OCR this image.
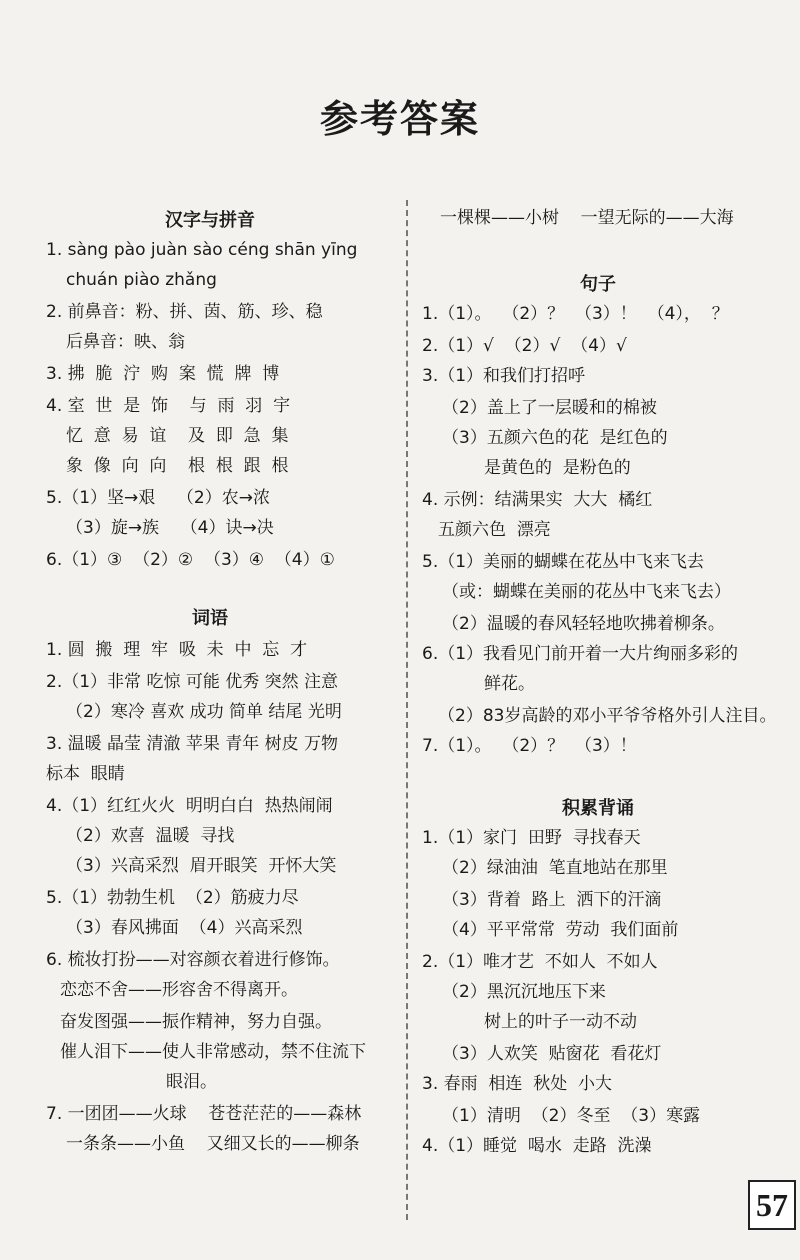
参考答案
汉字与拼音
1. sàng pào juàn sào céng shān yīng
chuán piào zhǎng
2. 前鼻音：粉、拼、茵、筋、珍、稳
后鼻音：映、翁
3. 拂  脆  泞  购  案  慌  牌  博
4. 室  世  是  饰    与  雨  羽  宇
忆  意  易  谊    及  即  急  集
象  像  向  向    根  根  跟  根
5.（1）坚→艰    （2）农→浓
（3）旋→族    （4）诀→决
6.（1）③  （2）②  （3）④  （4）①
词语
1. 圆  搬  理  牢  吸  未  中  忘  才
2.（1）非常 吃惊 可能 优秀 突然 注意
（2）寒冷 喜欢 成功 简单 结尾 光明
3. 温暖 晶莹 清澈 苹果 青年 树皮 万物
标本  眼睛
4.（1）红红火火  明明白白  热热闹闹
（2）欢喜  温暖  寻找
（3）兴高采烈  眉开眼笑  开怀大笑
5.（1）勃勃生机  （2）筋疲力尽
（3）春风拂面  （4）兴高采烈
6. 梳妆打扮——对容颜衣着进行修饰。
恋恋不舍——形容舍不得离开。
奋发图强——振作精神，努力自强。
催人泪下——使人非常感动，禁不住流下
眼泪。
7. 一团团——火球    苍苍茫茫的——森林
一条条——小鱼    又细又长的——柳条
一棵棵——小树    一望无际的——大海
句子
1.（1）。  （2）？  （3）！  （4），  ？
2.（1）√  （2）√  （4）√
3.（1）和我们打招呼
（2）盖上了一层暖和的棉被
（3）五颜六色的花  是红色的
是黄色的  是粉色的
4. 示例：结满果实  大大  橘红
五颜六色  漂亮
5.（1）美丽的蝴蝶在花丛中飞来飞去
（或：蝴蝶在美丽的花丛中飞来飞去）
（2）温暖的春风轻轻地吹拂着柳条。
6.（1）我看见门前开着一大片绚丽多彩的
鲜花。
（2）83岁高龄的邓小平爷爷格外引人注目。
7.（1）。  （2）？  （3）！
积累背诵
1.（1）家门  田野  寻找春天
（2）绿油油  笔直地站在那里
（3）背着  路上  洒下的汗滴
（4）平平常常  劳动  我们面前
2.（1）唯才艺  不如人  不如人
（2）黑沉沉地压下来
树上的叶子一动不动
（3）人欢笑  贴窗花  看花灯
3. 春雨  相连  秋处  小大
（1）清明  （2）冬至  （3）寒露
4.（1）睡觉  喝水  走路  洗澡
57
